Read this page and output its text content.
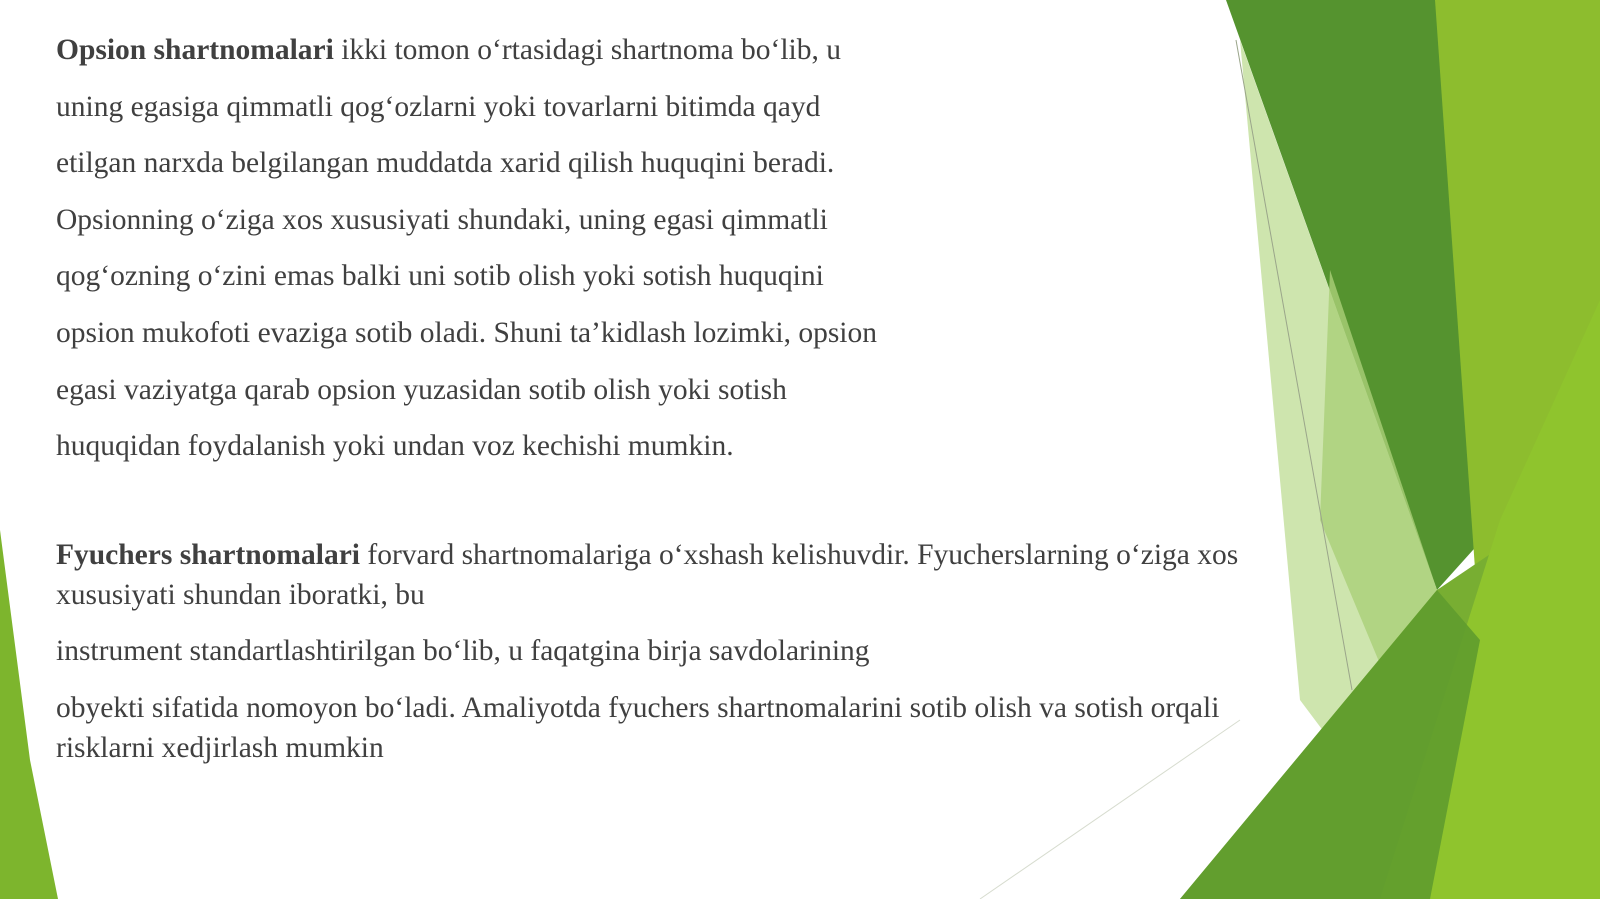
Opsion shartnomalari ikki tomon o‘rtasidagi shartnoma bo‘lib, u

uning egasiga qimmatli qog‘ozlarni yoki tovarlarni bitimda qayd

etilgan narxda belgilangan muddatda xarid qilish huquqini beradi.

Opsionning o‘ziga xos xususiyati shundaki, uning egasi qimmatli

qog‘ozning o‘zini emas balki uni sotib olish yoki sotish huquqini

opsion mukofoti evaziga sotib oladi. Shuni ta’kidlash lozimki, opsion

egasi vaziyatga qarab opsion yuzasidan sotib olish yoki sotish

huquqidan foydalanish yoki undan voz kechishi mumkin.

Fyuchers shartnomalari forvard shartnomalariga o‘xshash kelishuvdir. Fyucherslarning o‘ziga xos xususiyati shundan iboratki, bu

instrument standartlashtirilgan bo‘lib, u faqatgina birja savdolarining

obyekti sifatida nomoyon bo‘ladi. Amaliyotda fyuchers shartnomalarini sotib olish va sotish orqali risklarni xedjirlash mumkin
